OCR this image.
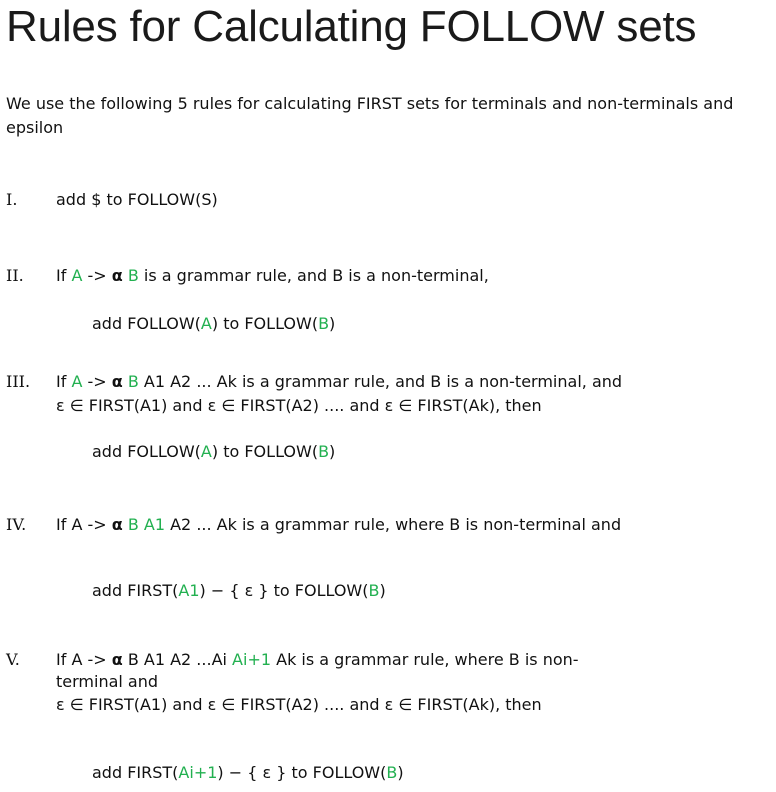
Rules for Calculating FOLLOW sets
We use the following 5 rules for calculating FIRST sets for terminals and non-terminals and epsilon
I. add $ to FOLLOW(S)
II. If A -> α B is a grammar rule, and B is a non-terminal,
add FOLLOW(A) to FOLLOW(B)
III. If A -> α B A1 A2 ... Ak is a grammar rule, and B is a non-terminal, and
ε ∈ FIRST(A1) and ε ∈ FIRST(A2) .... and ε ∈ FIRST(Ak), then
add FOLLOW(A) to FOLLOW(B)
IV. If A -> α B A1 A2 ... Ak is a grammar rule, where B is non-terminal and
add FIRST(A1) − { ε } to FOLLOW(B)
V. If A -> α B A1 A2 ...Ai Ai+1 Ak is a grammar rule, where B is non-
terminal and
ε ∈ FIRST(A1) and ε ∈ FIRST(A2) .... and ε ∈ FIRST(Ak), then
add FIRST(Ai+1) − { ε } to FOLLOW(B)
